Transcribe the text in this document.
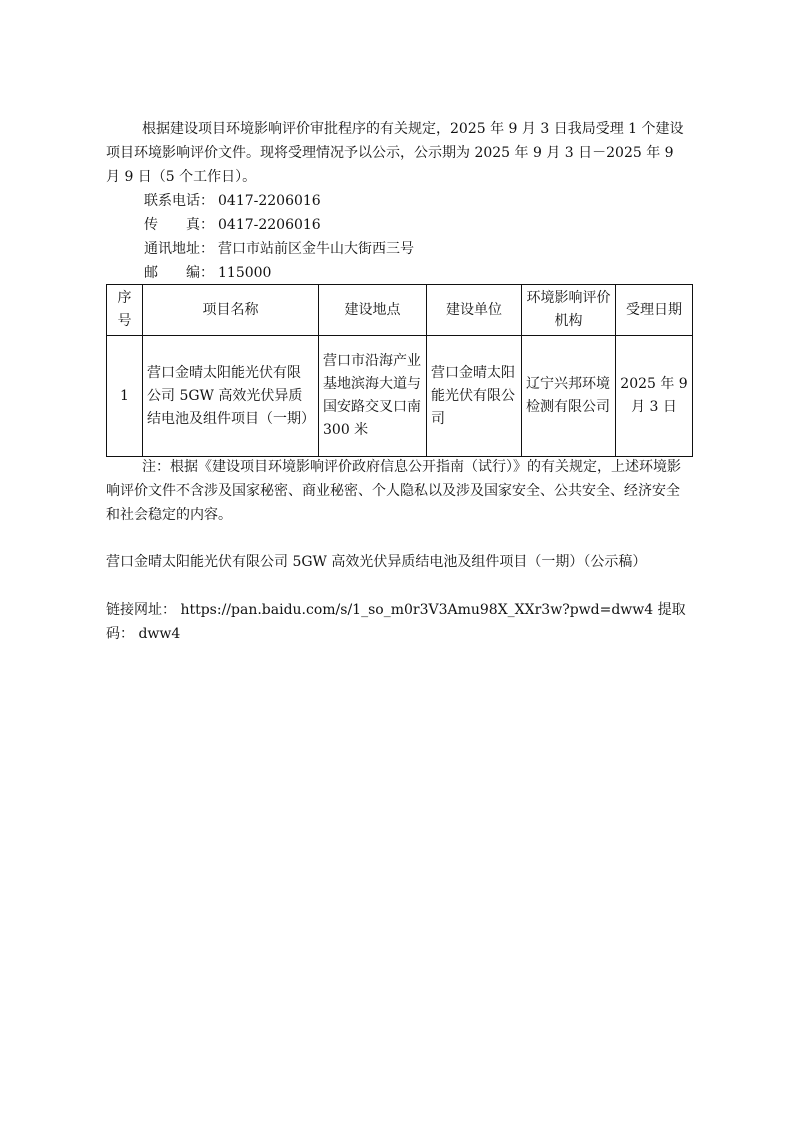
根据建设项目环境影响评价审批程序的有关规定，2025 年 9 月 3 日我局受理 1 个建设项目环境影响评价文件。现将受理情况予以公示，公示期为 2025 年 9 月 3 日－2025 年 9 月 9 日（5 个工作日）。

联系电话： 0417-2206016
传　　真： 0417-2206016
通讯地址： 营口市站前区金牛山大街西三号
邮　　编： 115000
序号	项目名称	建设地点	建设单位	环境影响评价机构	受理日期
1	营口金晴太阳能光伏有限公司 5GW 高效光伏异质结电池及组件项目（一期）	营口市沿海产业基地滨海大道与国安路交叉口南 300 米	营口金晴太阳能光伏有限公司	辽宁兴邦环境检测有限公司	2025 年 9 月 3 日

注：根据《建设项目环境影响评价政府信息公开指南（试行）》的有关规定，上述环境影响评价文件不含涉及国家秘密、商业秘密、个人隐私以及涉及国家安全、公共安全、经济安全和社会稳定的内容。

营口金晴太阳能光伏有限公司 5GW 高效光伏异质结电池及组件项目（一期）（公示稿）

链接网址： https://pan.baidu.com/s/1_so_m0r3V3Amu98X_XXr3w?pwd=dww4 提取码： dww4
